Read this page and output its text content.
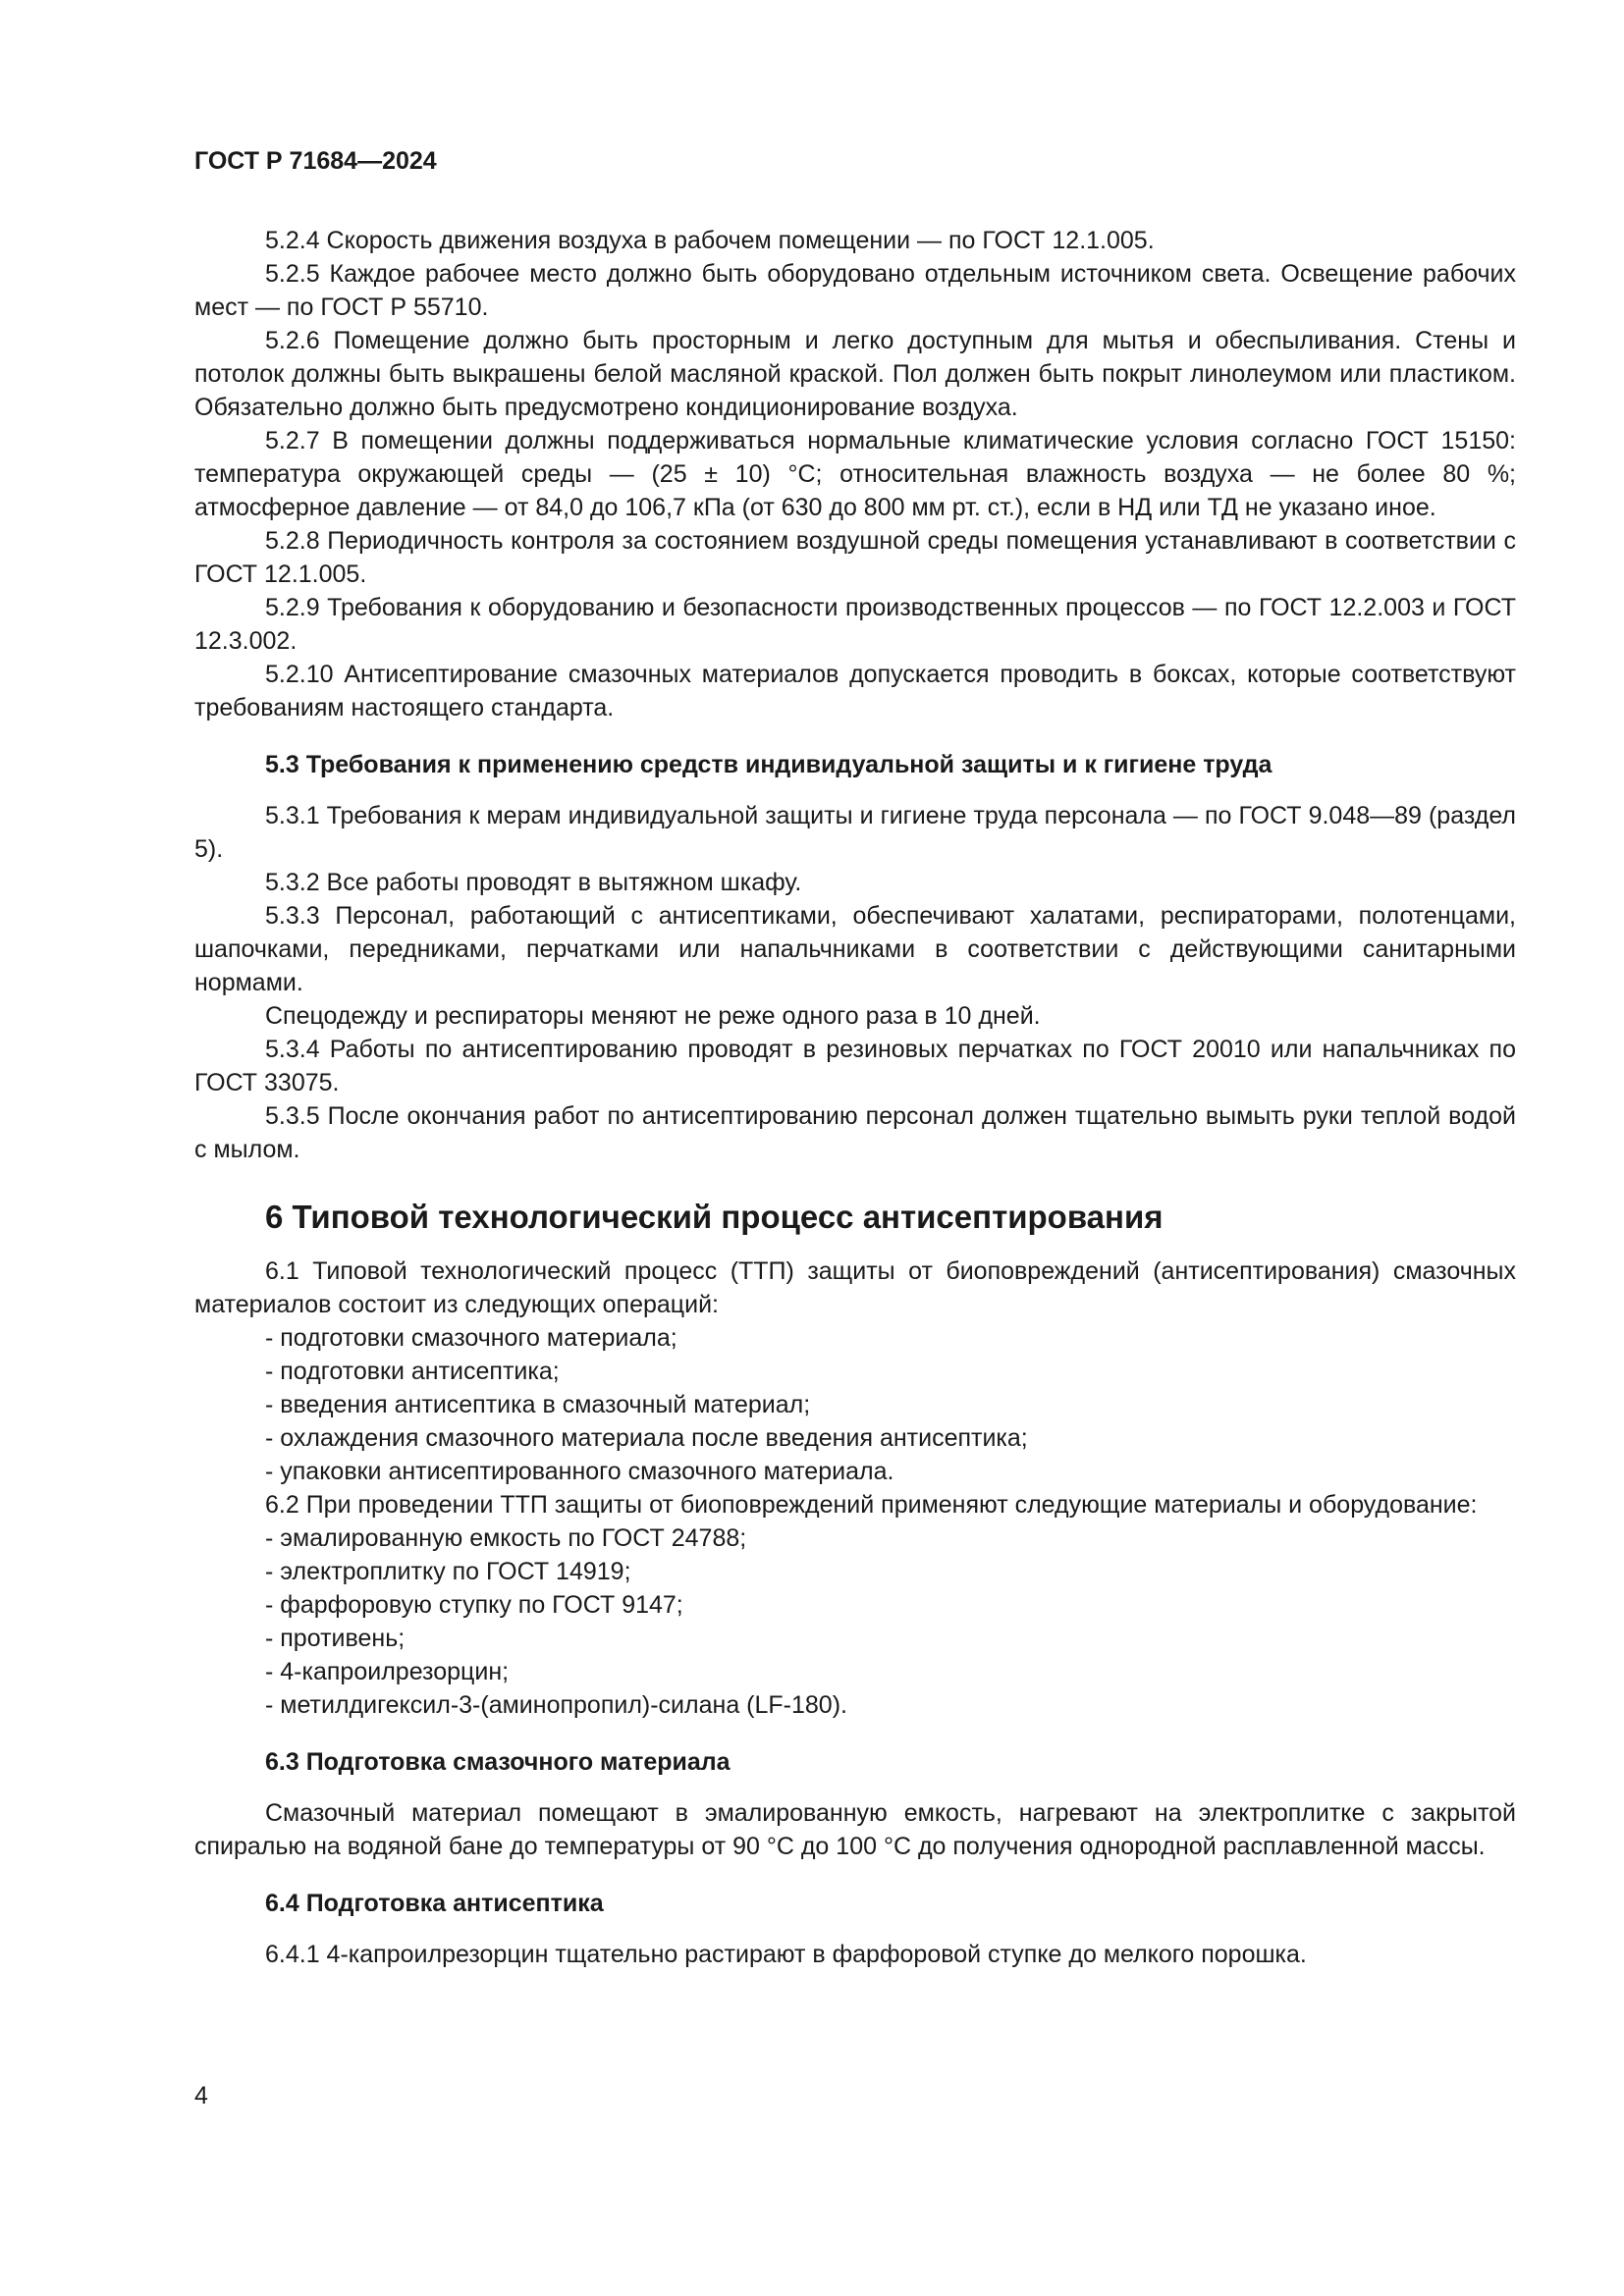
ГОСТ Р 71684—2024

5.2.4 Скорость движения воздуха в рабочем помещении — по ГОСТ 12.1.005.

5.2.5 Каждое рабочее место должно быть оборудовано отдельным источником света. Освещение рабочих мест — по ГОСТ Р 55710.

5.2.6 Помещение должно быть просторным и легко доступным для мытья и обеспыливания. Стены и потолок должны быть выкрашены белой масляной краской. Пол должен быть покрыт линолеумом или пластиком. Обязательно должно быть предусмотрено кондиционирование воздуха.

5.2.7 В помещении должны поддерживаться нормальные климатические условия согласно ГОСТ 15150: температура окружающей среды — (25 ± 10) °С; относительная влажность воздуха — не более 80 %; атмосферное давление — от 84,0 до 106,7 кПа (от 630 до 800 мм рт. ст.), если в НД или ТД не указано иное.

5.2.8 Периодичность контроля за состоянием воздушной среды помещения устанавливают в соответствии с ГОСТ 12.1.005.

5.2.9 Требования к оборудованию и безопасности производственных процессов — по ГОСТ 12.2.003 и ГОСТ 12.3.002.

5.2.10 Антисептирование смазочных материалов допускается проводить в боксах, которые соответствуют требованиям настоящего стандарта.

5.3 Требования к применению средств индивидуальной защиты и к гигиене труда

5.3.1 Требования к мерам индивидуальной защиты и гигиене труда персонала — по ГОСТ 9.048—89 (раздел 5).

5.3.2 Все работы проводят в вытяжном шкафу.

5.3.3 Персонал, работающий с антисептиками, обеспечивают халатами, респираторами, полотенцами, шапочками, передниками, перчатками или напальчниками в соответствии с действующими санитарными нормами.

Спецодежду и респираторы меняют не реже одного раза в 10 дней.

5.3.4 Работы по антисептированию проводят в резиновых перчатках по ГОСТ 20010 или напальчниках по ГОСТ 33075.

5.3.5 После окончания работ по антисептированию персонал должен тщательно вымыть руки теплой водой с мылом.

6 Типовой технологический процесс антисептирования

6.1 Типовой технологический процесс (ТТП) защиты от биоповреждений (антисептирования) смазочных материалов состоит из следующих операций:

- подготовки смазочного материала;
- подготовки антисептика;
- введения антисептика в смазочный материал;
- охлаждения смазочного материала после введения антисептика;
- упаковки антисептированного смазочного материала.

6.2 При проведении ТТП защиты от биоповреждений применяют следующие материалы и оборудование:

- эмалированную емкость по ГОСТ 24788;
- электроплитку по ГОСТ 14919;
- фарфоровую ступку по ГОСТ 9147;
- противень;
- 4-капроилрезорцин;
- метилдигексил-3-(аминопропил)-силана (LF-180).
6.3 Подготовка смазочного материала

Смазочный материал помещают в эмалированную емкость, нагревают на электроплитке с закрытой спиралью на водяной бане до температуры от 90 °С до 100 °С до получения однородной расплавленной массы.

6.4 Подготовка антисептика

6.4.1 4-капроилрезорцин тщательно растирают в фарфоровой ступке до мелкого порошка.

4
